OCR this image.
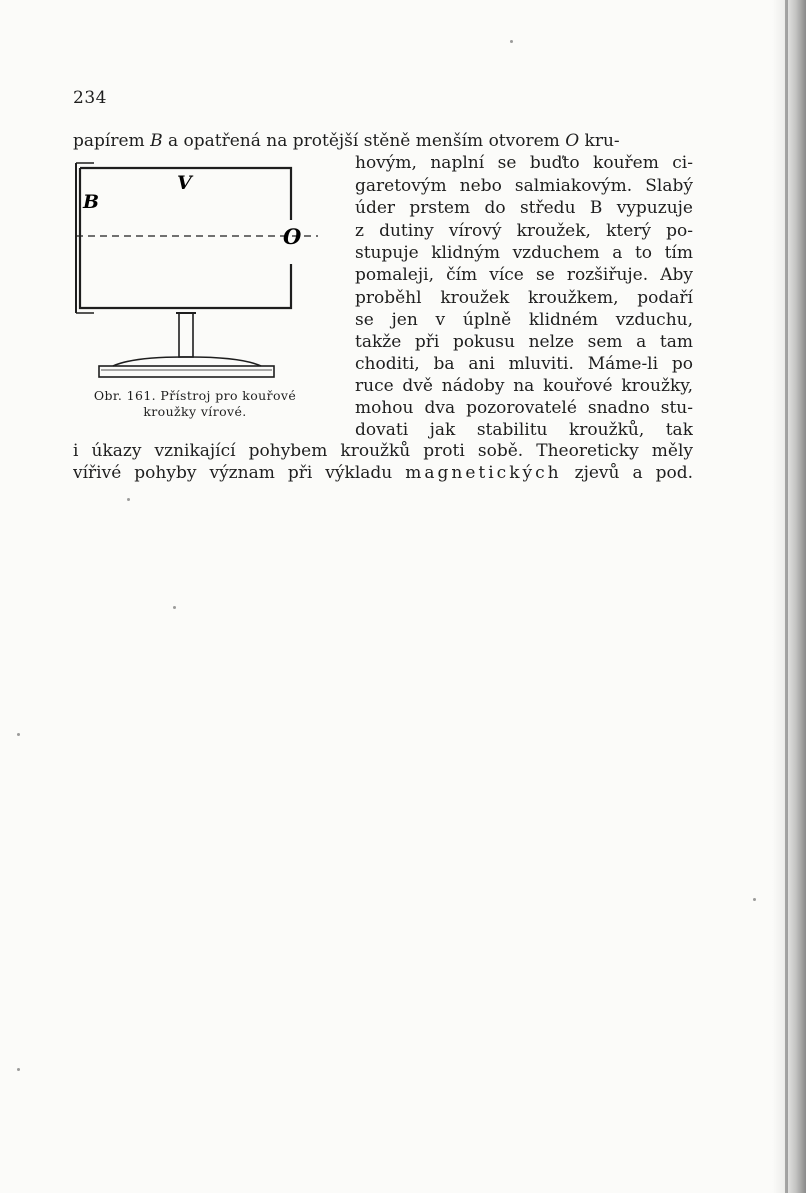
234
papírem B a opatřená na protější stěně menším otvorem O kru-
hovým, naplní se buďto kouřem ci-
garetovým nebo salmiakovým. Slabý
úder prstem do středu B vypuzuje
z dutiny vírový kroužek, který po-
stupuje klidným vzduchem a to tím
pomaleji, čím více se rozšiřuje. Aby
proběhl kroužek kroužkem, podaří
se jen v úplně klidném vzduchu,
takže při pokusu nelze sem a tam
choditi, ba ani mluviti. Máme-li po
ruce dvě nádoby na kouřové kroužky,
mohou dva pozorovatelé snadno stu-
dovati jak stabilitu kroužků, tak
i úkazy vznikající pohybem kroužků proti sobě. Theoreticky měly
vířivé pohyby význam při výkladu magnetických zjevů a pod.
V
B
O
Obr. 161. Přístroj pro kouřové
kroužky vírové.
